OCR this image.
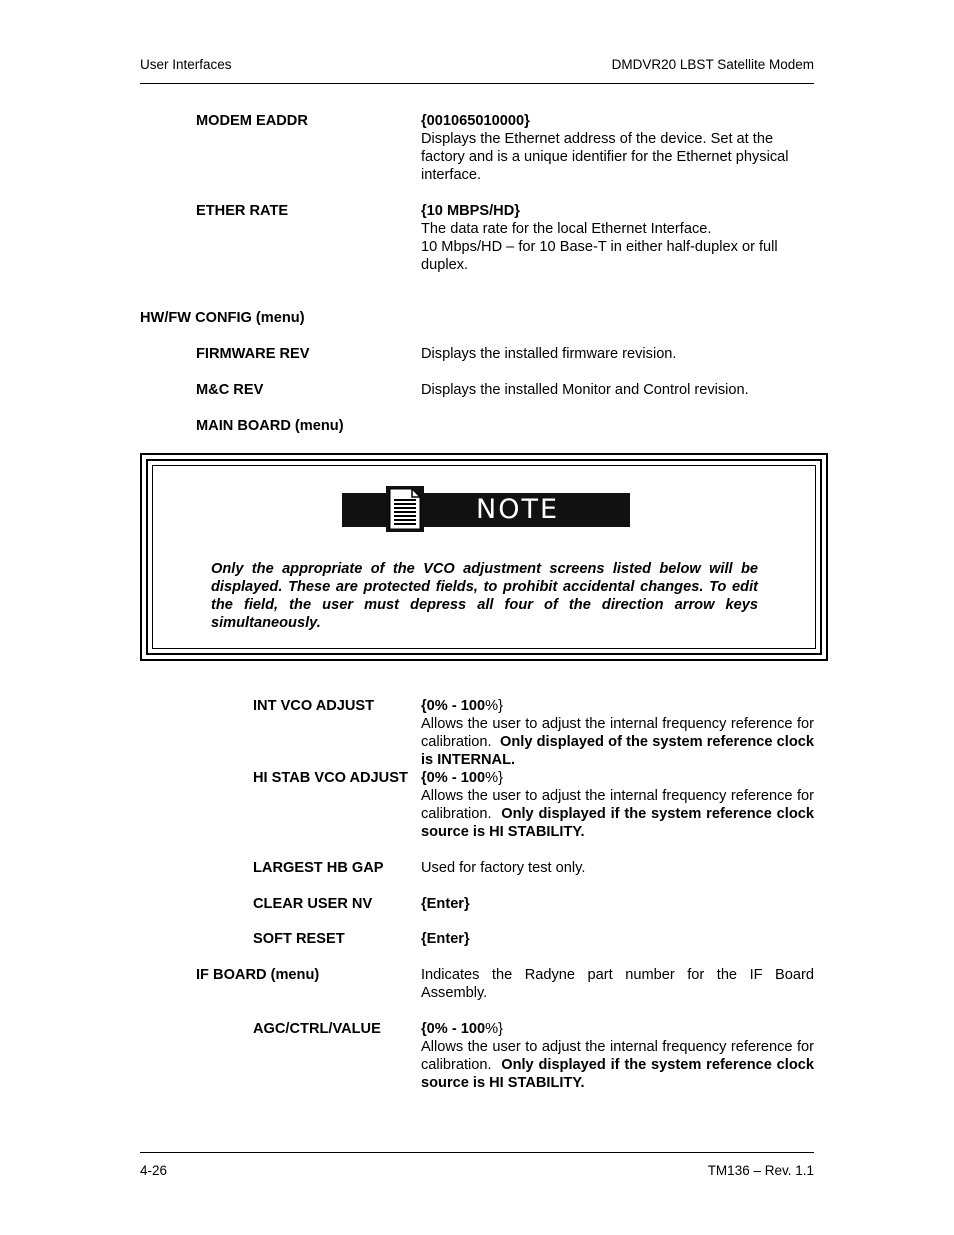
User Interfaces	DMDVR20 LBST Satellite Modem
MODEM EADDR	{001065010000}
Displays the Ethernet address of the device. Set at the
factory and is a unique identifier for the Ethernet physical
interface.
ETHER RATE	{10 MBPS/HD}
The data rate for the local Ethernet Interface.
10 Mbps/HD – for 10 Base-T in either half-duplex or full
duplex.
HW/FW CONFIG (menu)
FIRMWARE REV	Displays the installed firmware revision.
M&C REV	Displays the installed Monitor and Control revision.
MAIN BOARD (menu)
NOTE
Only the appropriate of the VCO adjustment screens listed below will be displayed. These are protected fields, to prohibit accidental changes. To edit the field, the user must depress all four of the direction arrow keys simultaneously.
INT VCO ADJUST	{0% - 100%}
Allows the user to adjust the internal frequency reference for calibration. Only displayed of the system reference clock is INTERNAL.
HI STAB VCO ADJUST {0% - 100%}
Allows the user to adjust the internal frequency reference for calibration. Only displayed if the system reference clock source is HI STABILITY.
LARGEST HB GAP	Used for factory test only.
CLEAR USER NV	{Enter}
SOFT RESET	{Enter}
IF BOARD (menu)	Indicates the Radyne part number for the IF Board Assembly.
AGC/CTRL/VALUE	{0% - 100%}
Allows the user to adjust the internal frequency reference for calibration. Only displayed if the system reference clock source is HI STABILITY.
4-26	TM136 – Rev. 1.1
